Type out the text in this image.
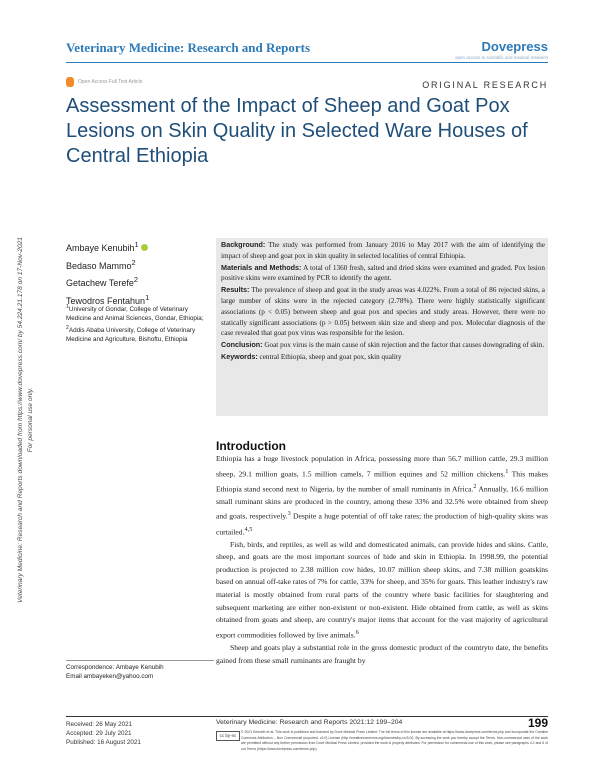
Veterinary Medicine: Research and Reports	Dovepress
open access to scientific and medical research
Open Access Full Text Article	ORIGINAL RESEARCH
Assessment of the Impact of Sheep and Goat Pox Lesions on Skin Quality in Selected Ware Houses of Central Ethiopia
Veterinary Medicine: Research and Reports downloaded from https://www.dovepress.com/ by 54.224.21.178 on 17-Nov-2021 For personal use only.
Ambaye Kenubih$^1$
Bedaso Mammo$^2$
Getachew Terefe$^2$
Tewodros Fentahun$^1$
$^1$University of Gondar, College of Veterinary Medicine and Animal Sciences, Gondar, Ethiopia; $^2$Addis Ababa University, College of Veterinary Medicine and Agriculture, Bishoftu, Ethiopia

Background: The study was performed from January 2016 to May 2017 with the aim of identifying the impact of sheep and goat pox in skin quality in selected localities of central Ethiopia.

Materials and Methods: A total of 1360 fresh, salted and dried skins were examined and graded. Pox lesion positive skins were examined by PCR to identify the agent.

Results: The prevalence of sheep and goat in the study areas was 4.022%. From a total of 86 rejected skins, a large number of skins were in the rejected category (2.78%). There were highly statistically significant associations (p < 0.05) between sheep and goat pox and species and study areas. However, there were no statically significant associations (p > 0.05) between skin size and sheep and pox. Molecular diagnosis of the case revealed that goat pox virus was responsible for the lesion.

Conclusion: Goat pox virus is the main cause of skin rejection and the factor that causes downgrading of skin.

Keywords: central Ethiopia, sheep and goat pox, skin quality

Introduction

Ethiopia has a huge livestock population in Africa, possessing more than 56.7 million cattle, 29.3 million sheep, 29.1 million goats, 1.5 million camels, 7 million equines and 52 million chickens.$^1$ This makes Ethiopia stand second next to Nigeria, by the number of small ruminants in Africa.$^2$ Annually, 16.6 million small ruminant skins are produced in the country, among these 33% and 32.5% were obtained from sheep and goats, respectively.$^3$ Despite a huge potential of off take rates; the production of high-quality skins was curtailed.$^{4,5}$

Fish, birds, and reptiles, as well as wild and domesticated animals, can provide hides and skins. Cattle, sheep, and goats are the most important sources of hide and skin in Ethiopia. In 1998.99, the potential production is projected to 2.38 million cow hides, 10.07 million sheep skins, and 7.38 million goatskins based on annual off-take rates of 7% for cattle, 33% for sheep, and 35% for goats. This leather industry's raw material is mostly obtained from rural parts of the country where basic facilities for slaughtering and subsequent marketing are either non-existent or non-existent. Hide obtained from cattle, as well as skins obtained from goats and sheep, are country's major items that account for the vast majority of agricultural export commodities followed by live animals.$^6$

Sheep and goats play a substantial role in the gross domestic product of the countryto date, the benefits gained from these small ruminants are fraught by

Correspondence: Ambaye Kenubih
Email ambayeken@yahoo.com
Received: 26 May 2021
Accepted: 29 July 2021
Published: 16 August 2021
Veterinary Medicine: Research and Reports 2021:12 199–204	199
cc by-nc
© 2021 Kenubih et al. This work is published and licensed by Dove Medical Press Limited. The full terms of this license are available at https://www.dovepress.com/terms.php and incorporate the Creative Commons Attribution – Non Commercial (unported, v3.0) License (http://creativecommons.org/licenses/by-nc/3.0/). By accessing the work you hereby accept the Terms. Non-commercial uses of the work are permitted without any further permission from Dove Medical Press Limited, provided the work is properly attributed. For permission for commercial use of this work, please see paragraphs 4.2 and 5 of our Terms (https://www.dovepress.com/terms.php).
